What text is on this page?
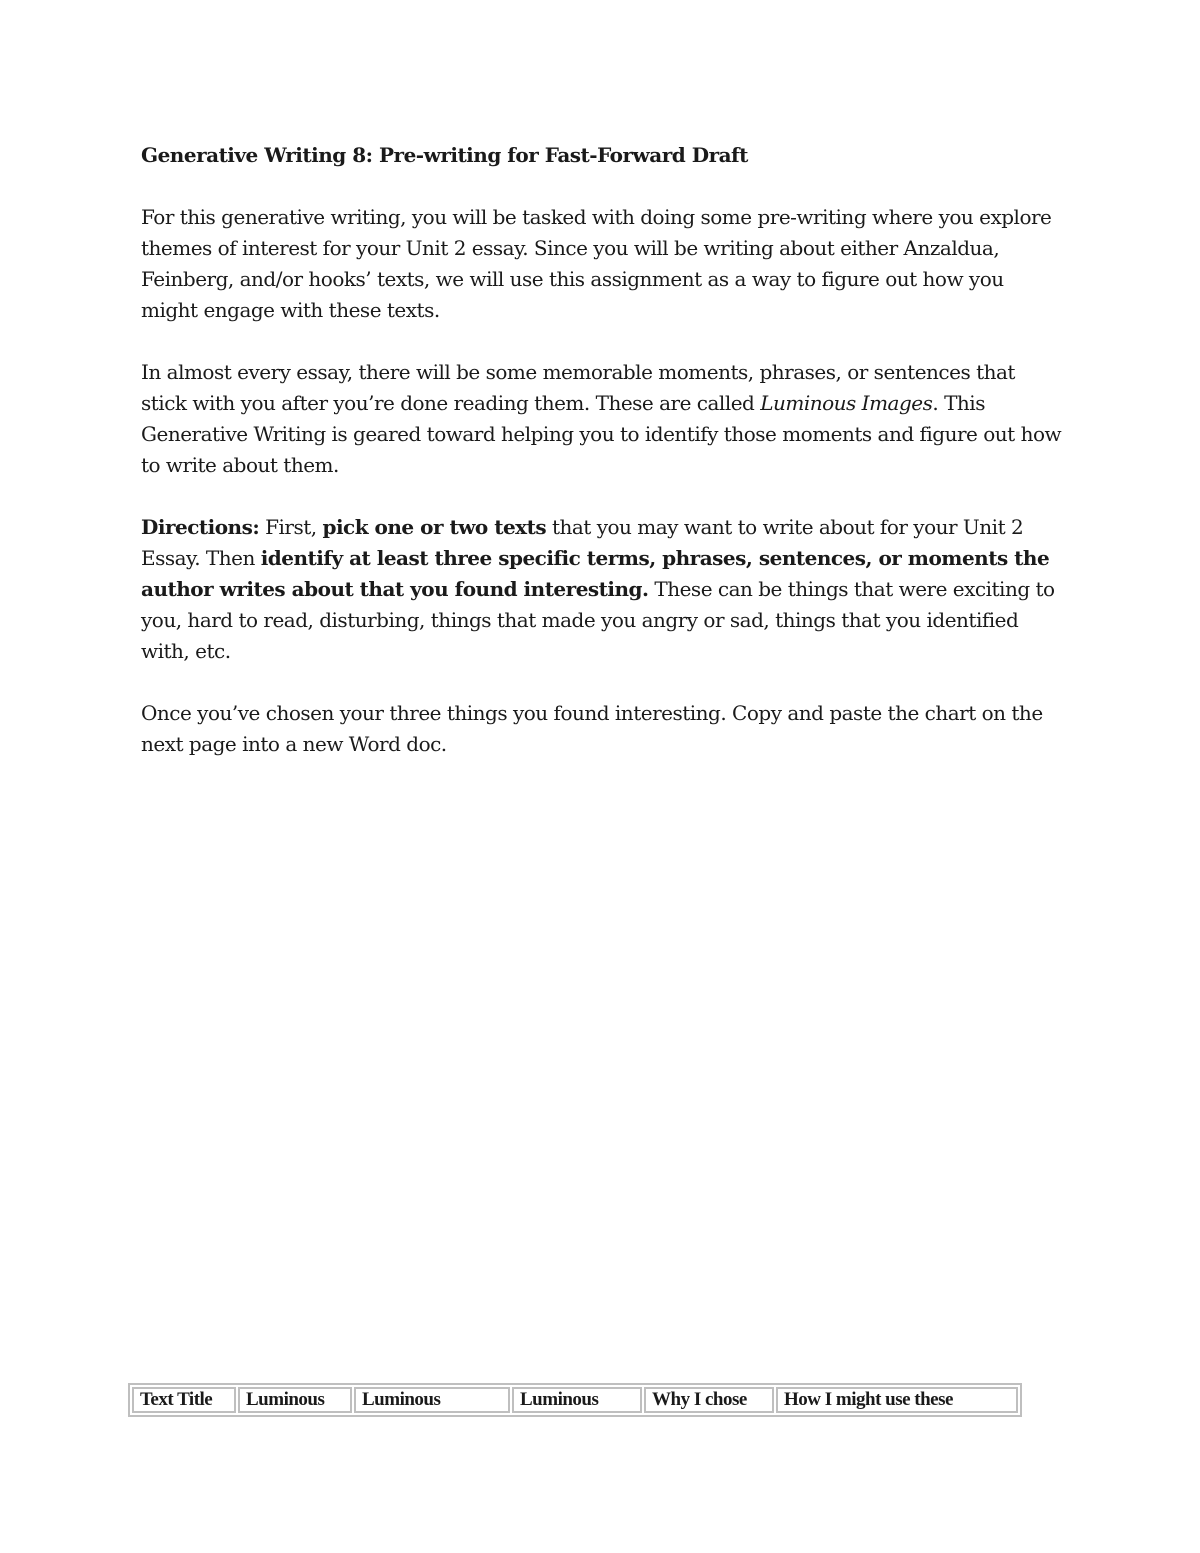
Generative Writing 8: Pre-writing for Fast-Forward Draft
For this generative writing, you will be tasked with doing some pre-writing where you explore themes of interest for your Unit 2 essay. Since you will be writing about either Anzaldua, Feinberg, and/or hooks’ texts, we will use this assignment as a way to figure out how you might engage with these texts.
In almost every essay, there will be some memorable moments, phrases, or sentences that stick with you after you’re done reading them. These are called Luminous Images. This Generative Writing is geared toward helping you to identify those moments and figure out how to write about them.
Directions: First, pick one or two texts that you may want to write about for your Unit 2 Essay. Then identify at least three specific terms, phrases, sentences, or moments the author writes about that you found interesting. These can be things that were exciting to you, hard to read, disturbing, things that made you angry or sad, things that you identified with, etc.
Once you’ve chosen your three things you found interesting. Copy and paste the chart on the next page into a new Word doc.
Text Title	Luminous	Luminous	Luminous	Why I chose	How I might use these
